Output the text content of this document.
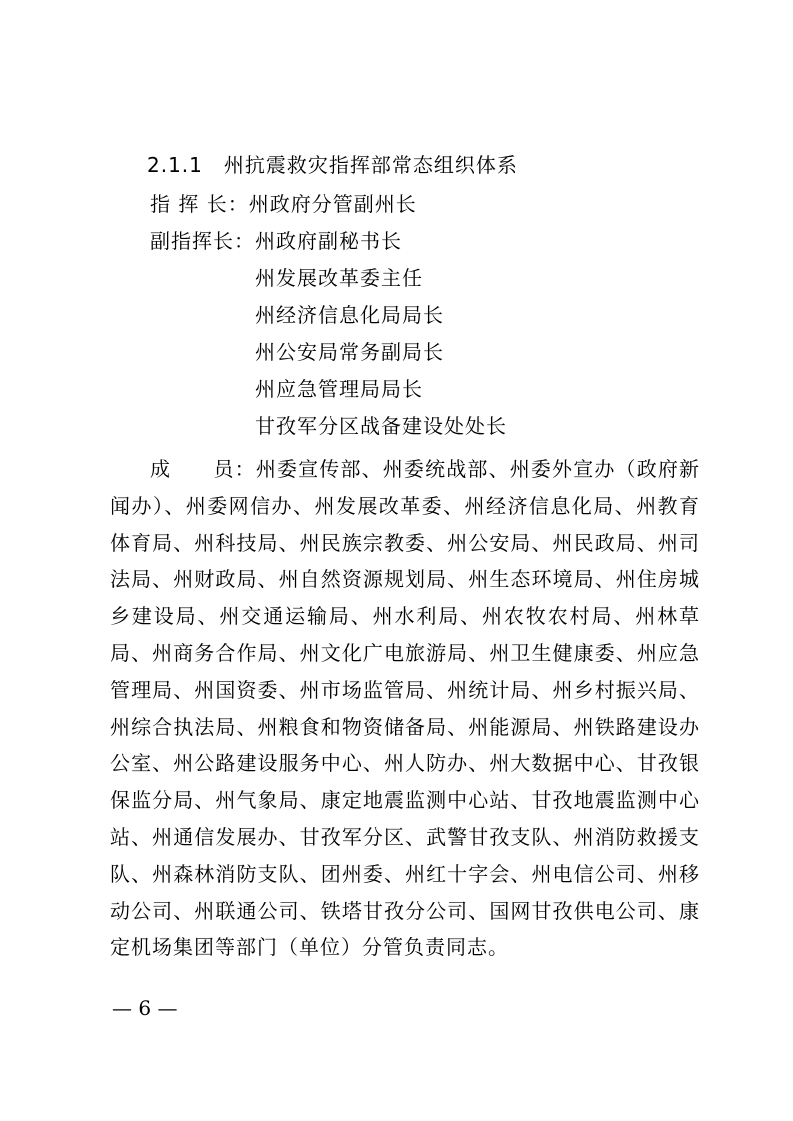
2.1.1　州抗震救灾指挥部常态组织体系
指 挥 长：州政府分管副州长
副指挥长：州政府副秘书长
州发展改革委主任
州经济信息化局局长
州公安局常务副局长
州应急管理局局长
甘孜军分区战备建设处处长
成　　员：州委宣传部、州委统战部、州委外宣办（政府新闻办）、州委网信办、州发展改革委、州经济信息化局、州教育体育局、州科技局、州民族宗教委、州公安局、州民政局、州司法局、州财政局、州自然资源规划局、州生态环境局、州住房城乡建设局、州交通运输局、州水利局、州农牧农村局、州林草局、州商务合作局、州文化广电旅游局、州卫生健康委、州应急管理局、州国资委、州市场监管局、州统计局、州乡村振兴局、州综合执法局、州粮食和物资储备局、州能源局、州铁路建设办公室、州公路建设服务中心、州人防办、州大数据中心、甘孜银保监分局、州气象局、康定地震监测中心站、甘孜地震监测中心站、州通信发展办、甘孜军分区、武警甘孜支队、州消防救援支队、州森林消防支队、团州委、州红十字会、州电信公司、州移动公司、州联通公司、铁塔甘孜分公司、国网甘孜供电公司、康定机场集团等部门（单位）分管负责同志。
— 6 —
